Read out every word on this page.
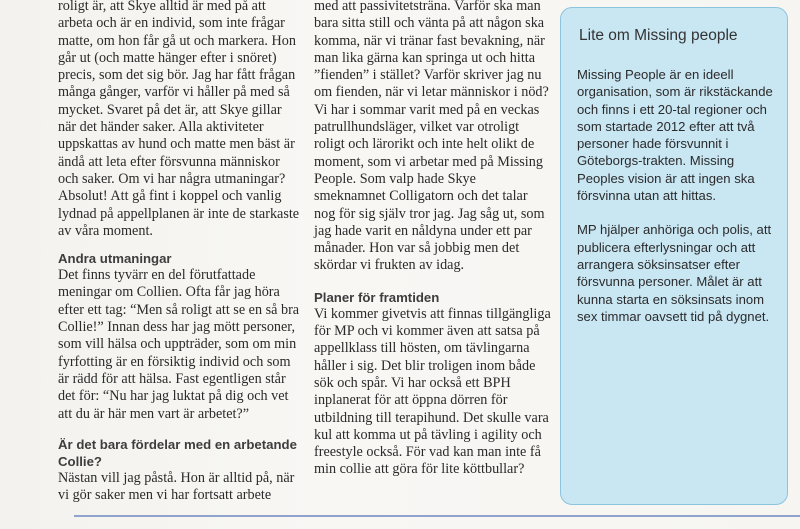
roligt är, att Skye alltid är med på att arbeta och är en individ, som inte frågar matte, om hon får gå ut och markera. Hon går ut (och matte hänger efter i snöret) precis, som det sig bör. Jag har fått frågan många gånger, varför vi håller på med så mycket. Svaret på det är, att Skye gillar när det händer saker. Alla aktiviteter uppskattas av hund och matte men bäst är ändå att leta efter försvunna människor och saker. Om vi har några utmaningar? Absolut! Att gå fint i koppel och vanlig lydnad på appellplanen är inte de starkaste av våra moment.

Andra utmaningar

Det finns tyvärr en del förutfattade meningar om Collien. Ofta får jag höra efter ett tag: “Men så roligt att se en så bra Collie!” Innan dess har jag mött personer, som vill hälsa och uppträder, som om min fyrfotting är en försiktig individ och som är rädd för att hälsa. Fast egentligen står det för: “Nu har jag luktat på dig och vet att du är här men vart är arbetet?”

Är det bara fördelar med en arbetande Collie?

Nästan vill jag påstå. Hon är alltid på, när vi gör saker men vi har fortsatt arbete

med att passivitetsträna. Varför ska man bara sitta still och vänta på att någon ska komma, när vi tränar fast bevakning, när man lika gärna kan springa ut och hitta ”fienden” i stället? Varför skriver jag nu om fienden, när vi letar människor i nöd? Vi har i sommar varit med på en veckas patrullhundsläger, vilket var otroligt roligt och lärorikt och inte helt olikt de moment, som vi arbetar med på Missing People. Som valp hade Skye smeknamnet Colligatorn och det talar nog för sig själv tror jag. Jag såg ut, som jag hade varit en nåldyna under ett par månader. Hon var så jobbig men det skördar vi frukten av idag.

Planer för framtiden

Vi kommer givetvis att finnas tillgängliga för MP och vi kommer även att satsa på appellklass till hösten, om tävlingarna håller i sig. Det blir troligen inom både sök och spår. Vi har också ett BPH inplanerat för att öppna dörren för utbildning till terapihund. Det skulle vara kul att komma ut på tävling i agility och freestyle också. För vad kan man inte få min collie att göra för lite köttbullar?

Lite om Missing people

Missing People är en ideell organisation, som är rikstäckande och finns i ett 20-tal regioner och som startade 2012 efter att två personer hade försvunnit i Göteborgs-trakten. Missing Peoples vision är att ingen ska försvinna utan att hittas.

MP hjälper anhöriga och polis, att publicera efterlysningar och att arrangera söksinsatser efter försvunna personer. Målet är att kunna starta en söksinsats inom sex timmar oavsett tid på dygnet.
